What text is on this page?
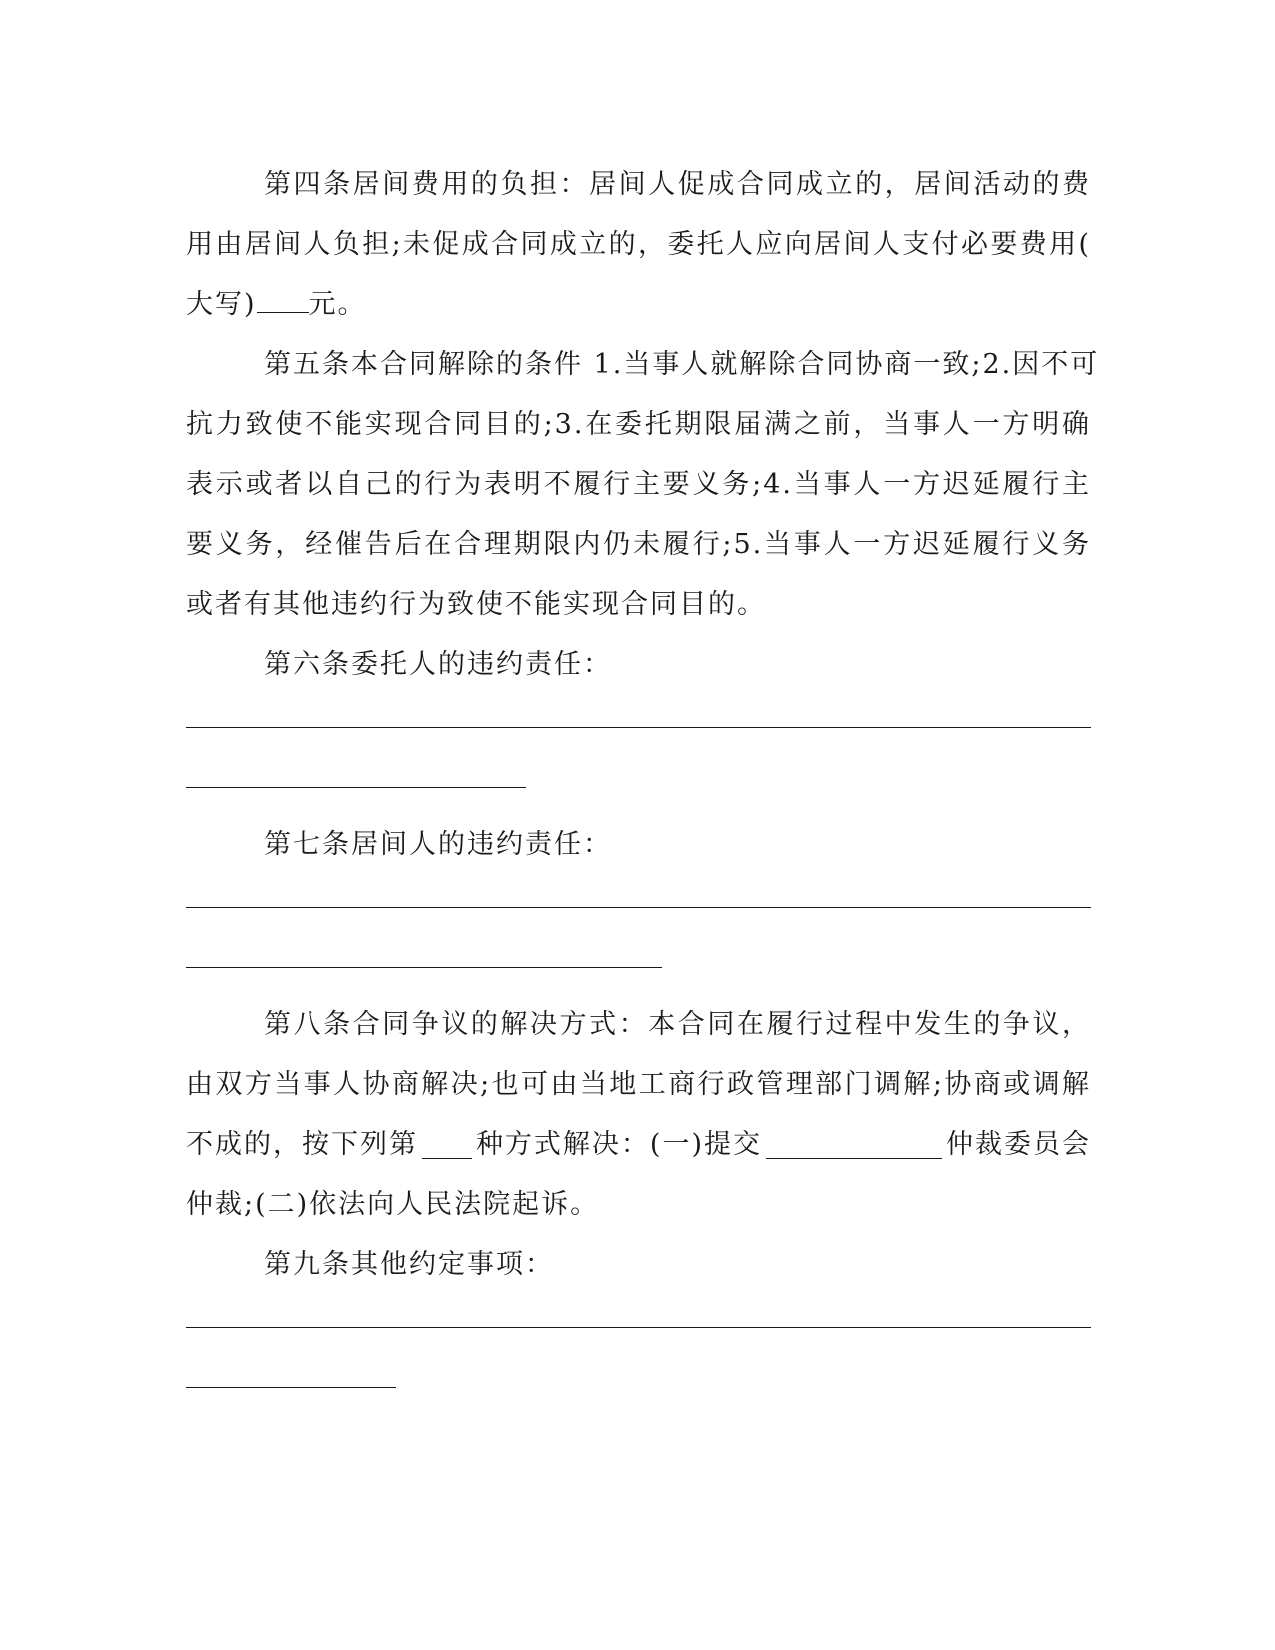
第四条居间费用的负担：居间人促成合同成立的，居间活动的费
用由居间人负担;未促成合同成立的，委托人应向居间人支付必要费用(
大写) 元。
第五条本合同解除的条件 1.当事人就解除合同协商一致;2.因不可
抗力致使不能实现合同目的;3.在委托期限届满之前，当事人一方明确
表示或者以自己的行为表明不履行主要义务;4.当事人一方迟延履行主
要义务，经催告后在合理期限内仍未履行;5.当事人一方迟延履行义务
或者有其他违约行为致使不能实现合同目的。
第六条委托人的违约责任：
第七条居间人的违约责任：
第八条合同争议的解决方式：本合同在履行过程中发生的争议，
由双方当事人协商解决;也可由当地工商行政管理部门调解;协商或调解
不成的，按下列第 种方式解决：(一)提交	仲裁委员会
仲裁;(二)依法向人民法院起诉。
第九条其他约定事项：
